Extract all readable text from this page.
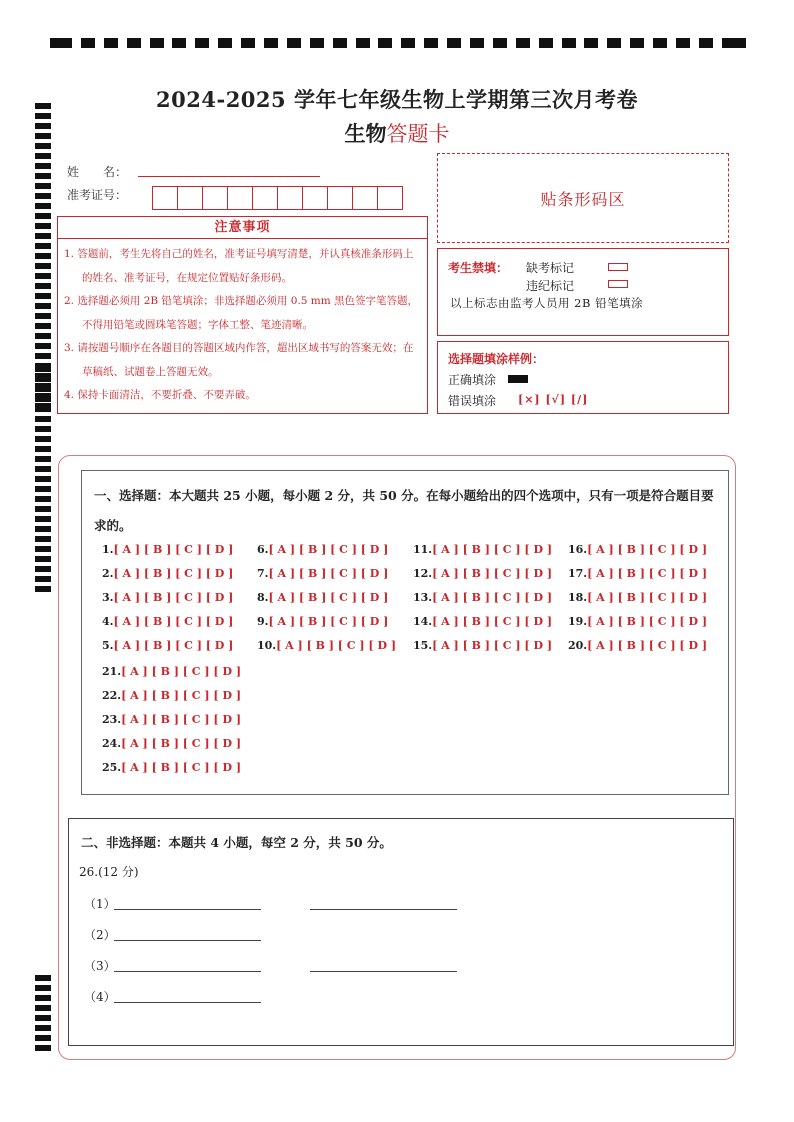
2024-2025 学年七年级生物上学期第三次月考卷
生物答题卡
姓　　名：
准考证号：	贴条形码区
注意事项

1. 答题前，考生先将自己的姓名，准考证号填写清楚，并认真核准条形码上的姓名、准考证号，在规定位置贴好条形码。

2. 选择题必须用 2B 铅笔填涂；非选择题必须用 0.5 mm 黑色签字笔答题，不得用铅笔或圆珠笔答题；字体工整、笔迹清晰。

3. 请按题号顺序在各题目的答题区域内作答，超出区域书写的答案无效；在草稿纸、试题卷上答题无效。

4. 保持卡面清洁，不要折叠、不要弄破。

考生禁填： 缺考标记
违纪标记
以上标志由监考人员用 2B 铅笔填涂
选择题填涂样例：
正确填涂
错误填涂 [×] [√] [/]
一、选择题：本大题共 25 小题，每小题 2 分，共 50 分。在每小题给出的四个选项中，只有一项是符合题目要求的。
1.[ A ] [ B ] [ C ] [ D ]
2.[ A ] [ B ] [ C ] [ D ]
3.[ A ] [ B ] [ C ] [ D ]
4.[ A ] [ B ] [ C ] [ D ]
5.[ A ] [ B ] [ C ] [ D ]
6.[ A ] [ B ] [ C ] [ D ]
7.[ A ] [ B ] [ C ] [ D ]
8.[ A ] [ B ] [ C ] [ D ]
9.[ A ] [ B ] [ C ] [ D ]
10.[ A ] [ B ] [ C ] [ D ]
11.[ A ] [ B ] [ C ] [ D ]
12.[ A ] [ B ] [ C ] [ D ]
13.[ A ] [ B ] [ C ] [ D ]
14.[ A ] [ B ] [ C ] [ D ]
15.[ A ] [ B ] [ C ] [ D ]
16.[ A ] [ B ] [ C ] [ D ]
17.[ A ] [ B ] [ C ] [ D ]
18.[ A ] [ B ] [ C ] [ D ]
19.[ A ] [ B ] [ C ] [ D ]
20.[ A ] [ B ] [ C ] [ D ]
21.[ A ] [ B ] [ C ] [ D ]
22.[ A ] [ B ] [ C ] [ D ]
23.[ A ] [ B ] [ C ] [ D ]
24.[ A ] [ B ] [ C ] [ D ]
25.[ A ] [ B ] [ C ] [ D ]
二、非选择题：本题共 4 小题，每空 2 分，共 50 分。
26.(12 分)
（1）
（2）
（3）
（4）
